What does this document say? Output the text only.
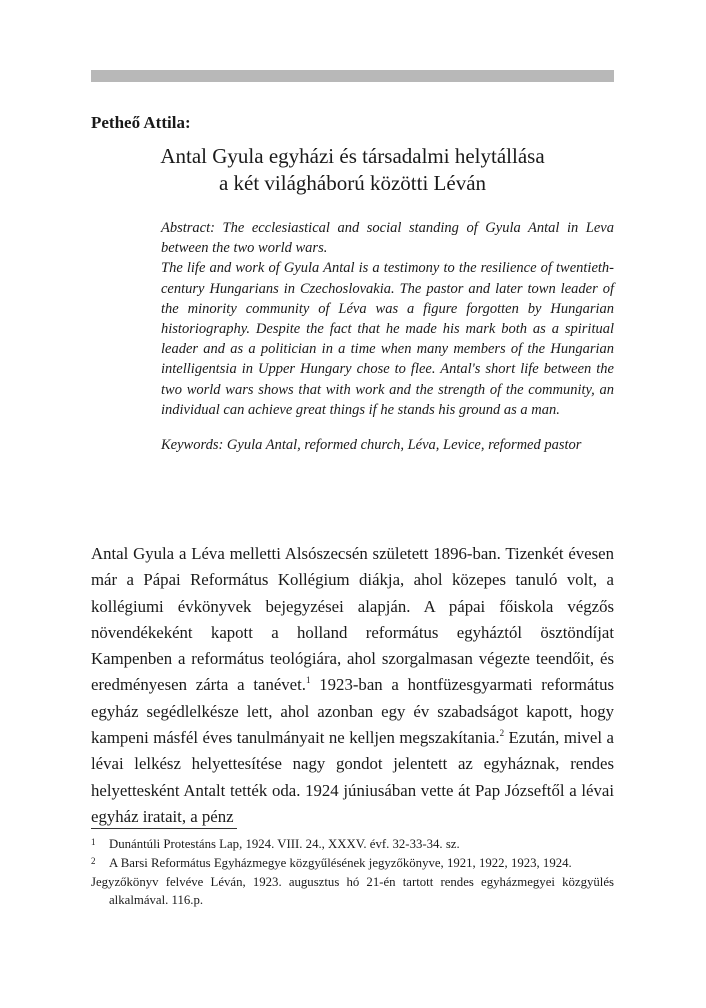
Petheő Attila:
Antal Gyula egyházi és társadalmi helytállása
a két világháború közötti Léván

Abstract: The ecclesiastical and social standing of Gyula Antal in Leva between the two world wars.

The life and work of Gyula Antal is a testimony to the resilience of twentieth-century Hungarians in Czechoslovakia. The pastor and later town leader of the minority community of Léva was a figure forgotten by Hungarian historiography. Despite the fact that he made his mark both as a spiritual leader and as a politician in a time when many members of the Hungarian intelligentsia in Upper Hungary chose to flee. Antal's short life between the two world wars shows that with work and the strength of the community, an individual can achieve great things if he stands his ground as a man.

Keywords: Gyula Antal, reformed church, Léva, Levice, reformed pastor

Antal Gyula a Léva melletti Alsószecsén született 1896-ban. Tizenkét évesen már a Pápai Református Kollégium diákja, ahol közepes tanuló volt, a kollégiumi évkönyvek bejegyzései alapján. A pápai főiskola végzős növendékeként kapott a holland református egyháztól ösztöndíjat Kampenben a református teológiára, ahol szorgalmasan végezte teendőit, és eredményesen zárta a tanévet.$^1$ 1923-ban a hontfüzesgyarmati református egyház segédlelkésze lett, ahol azonban egy év szabadságot kapott, hogy kampeni másfél éves tanulmányait ne kelljen megszakítania.$^2$ Ezután, mivel a lévai lelkész helyettesítése nagy gondot jelentett az egyháznak, rendes helyettesként Antalt tették oda. 1924 júniusában vette át Pap Józseftől a lévai egyház iratait, a pénz

1 Dunántúli Protestáns Lap, 1924. VIII. 24., XXXV. évf. 32-33-34. sz.
2 A Barsi Református Egyházmegye közgyűlésének jegyzőkönyve, 1921, 1922, 1923, 1924.
Jegyzőkönyv felvéve Léván, 1923. augusztus hó 21-én tartott rendes egyházmegyei közgyülés alkalmával. 116.p.
